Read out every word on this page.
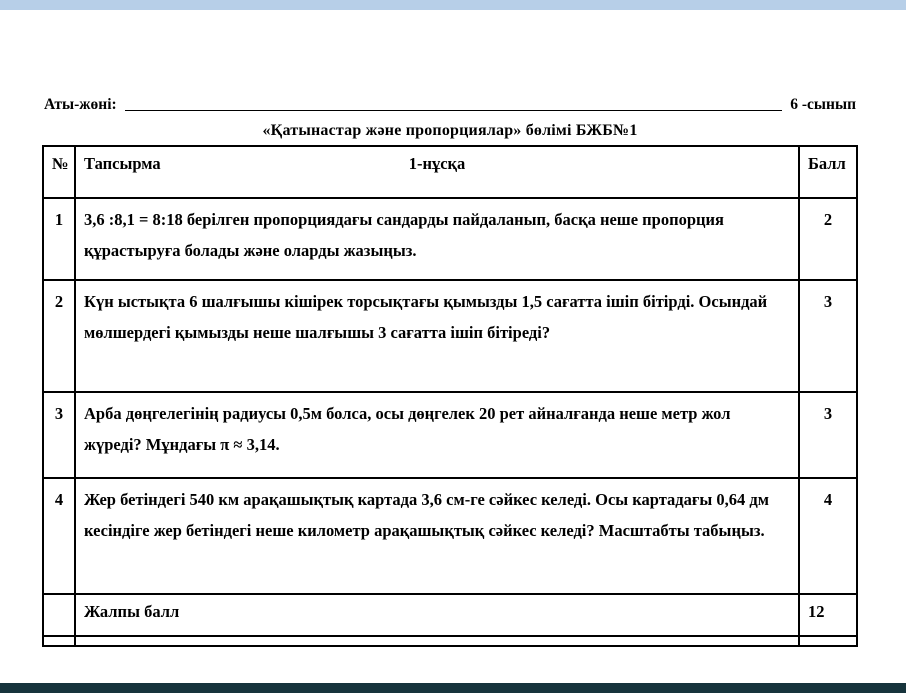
Аты-жөні:	6 -сынып
«Қатынастар және пропорциялар» бөлімі БЖБ№1
№	Тапсырма 1-нұсқа	Балл
1	3,6 :8,1 = 8:18 берілген пропорциядағы сандарды пайдаланып, басқа неше пропорция құрастыруға болады және оларды жазыңыз.	2
2	Күн ыстықта 6 шалғышы кішірек торсықтағы қымызды 1,5 сағатта ішіп бітірді. Осындай мөлшердегі қымызды неше шалғышы 3 сағатта ішіп бітіреді?	3
3	Арба дөңгелегінің радиусы 0,5м болса, осы дөңгелек 20 рет айналғанда неше метр жол жүреді? Мұндағы π ≈ 3,14.	3
4	Жер бетіндегі 540 км арақашықтық картада 3,6 см-ге сәйкес келеді. Осы картадағы 0,64 дм кесіндіге жер бетіндегі неше километр арақашықтық сәйкес келеді? Масштабты табыңыз.	4
	Жалпы балл	12
